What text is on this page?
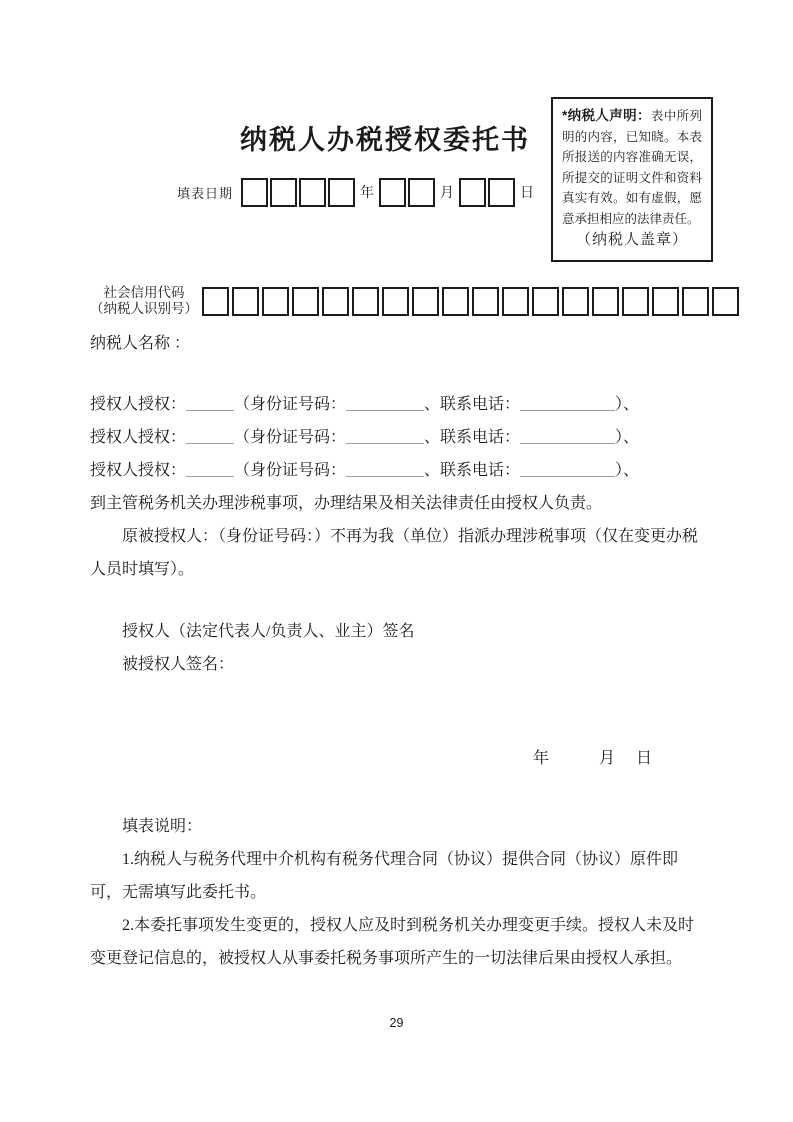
纳税人办税授权委托书
填表日期	年	月	日
*纳税人声明：表中所列明的内容，已知晓。本表所报送的内容准确无误，所提交的证明文件和资料真实有效。如有虚假，愿意承担相应的法律责任。
（纳税人盖章）
社会信用代码
（纳税人识别号）
纳税人名称 ：
授权人授权：	（身份证号码：	、联系电话：	）、
授权人授权：	（身份证号码：	、联系电话：	）、
授权人授权：	（身份证号码：	、联系电话：	）、
到主管税务机关办理涉税事项，办理结果及相关法律责任由授权人负责。
原被授权人：（身份证号码：）不再为我（单位）指派办理涉税事项（仅在变更办税人员时填写）。
授权人（法定代表人/负责人、业主）签名
被授权人签名：
年	月 日
填表说明：
1.纳税人与税务代理中介机构有税务代理合同（协议）提供合同（协议）原件即可，无需填写此委托书。
2.本委托事项发生变更的，授权人应及时到税务机关办理变更手续。授权人未及时变更登记信息的，被授权人从事委托税务事项所产生的一切法律后果由授权人承担。
29
